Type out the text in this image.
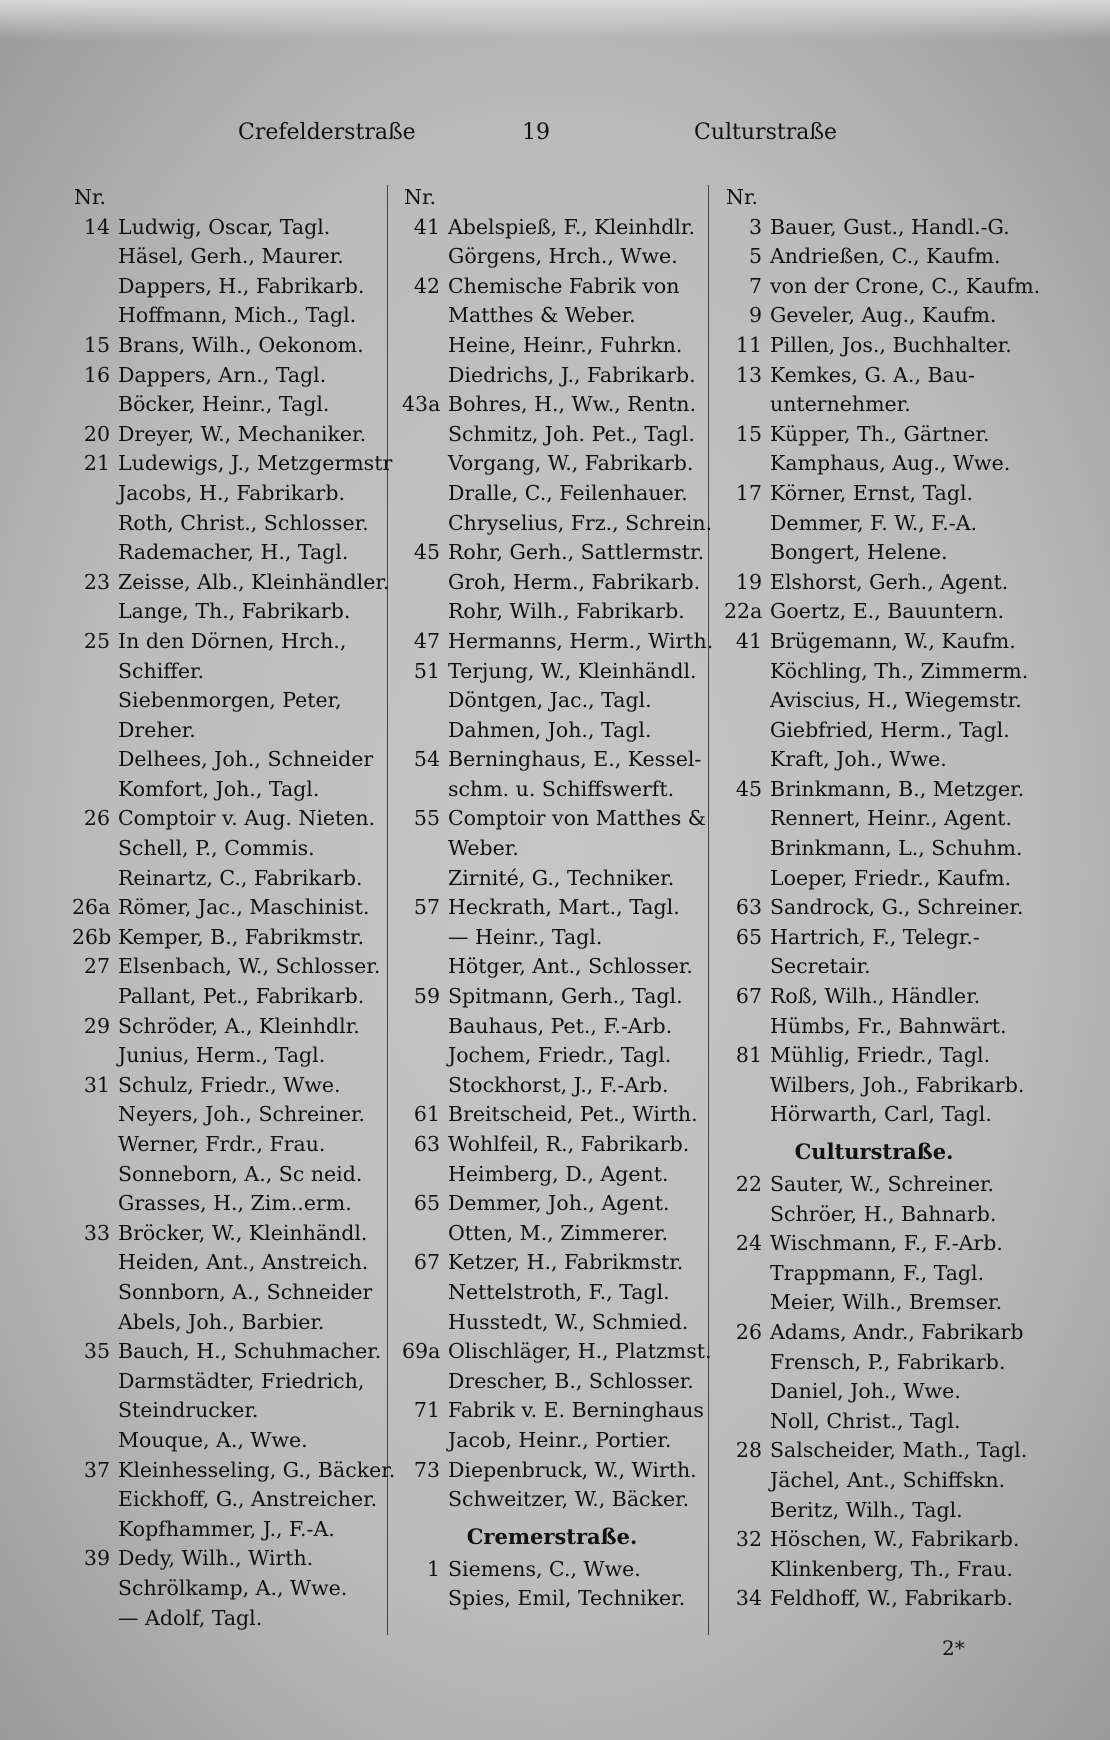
Crefelderstraße	19	Culturstraße
Nr.
14 Ludwig, Oscar, Tagl.
Häsel, Gerh., Maurer.
Dappers, H., Fabrikarb.
Hoffmann, Mich., Tagl.
15 Brans, Wilh., Oekonom.
16 Dappers, Arn., Tagl.
Böcker, Heinr., Tagl.
20 Dreyer, W., Mechaniker.
21 Ludewigs, J., Metzgermstr
Jacobs, H., Fabrikarb.
Roth, Christ., Schlosser.
Rademacher, H., Tagl.
23 Zeisse, Alb., Kleinhändler.
Lange, Th., Fabrikarb.
25 In den Dörnen, Hrch.,
Schiffer.
Siebenmorgen, Peter,
Dreher.
Delhees, Joh., Schneider
Komfort, Joh., Tagl.
26 Comptoir v. Aug. Nieten.
Schell, P., Commis.
Reinartz, C., Fabrikarb.
26a Römer, Jac., Maschinist.
26b Kemper, B., Fabrikmstr.
27 Elsenbach, W., Schlosser.
Pallant, Pet., Fabrikarb.
29 Schröder, A., Kleinhdlr.
Junius, Herm., Tagl.
31 Schulz, Friedr., Wwe.
Neyers, Joh., Schreiner.
Werner, Frdr., Frau.
Sonneborn, A., Sc neid.
Grasses, H., Zim..erm.
33 Bröcker, W., Kleinhändl.
Heiden, Ant., Anstreich.
Sonnborn, A., Schneider
Abels, Joh., Barbier.
35 Bauch, H., Schuhmacher.
Darmstädter, Friedrich,
Steindrucker.
Mouque, A., Wwe.
37 Kleinhesseling, G., Bäcker.
Eickhoff, G., Anstreicher.
Kopfhammer, J., F.-A.
39 Dedy, Wilh., Wirth.
Schrölkamp, A., Wwe.
— Adolf, Tagl.
Nr.
41 Abelspieß, F., Kleinhdlr.
Görgens, Hrch., Wwe.
42 Chemische Fabrik von
Matthes & Weber.
Heine, Heinr., Fuhrkn.
Diedrichs, J., Fabrikarb.
43a Bohres, H., Ww., Rentn.
Schmitz, Joh. Pet., Tagl.
Vorgang, W., Fabrikarb.
Dralle, C., Feilenhauer.
Chryselius, Frz., Schrein.
45 Rohr, Gerh., Sattlermstr.
Groh, Herm., Fabrikarb.
Rohr, Wilh., Fabrikarb.
47 Hermanns, Herm., Wirth.
51 Terjung, W., Kleinhändl.
Döntgen, Jac., Tagl.
Dahmen, Joh., Tagl.
54 Berninghaus, E., Kessel-
schm. u. Schiffswerft.
55 Comptoir von Matthes &
Weber.
Zirnité, G., Techniker.
57 Heckrath, Mart., Tagl.
— Heinr., Tagl.
Hötger, Ant., Schlosser.
59 Spitmann, Gerh., Tagl.
Bauhaus, Pet., F.-Arb.
Jochem, Friedr., Tagl.
Stockhorst, J., F.-Arb.
61 Breitscheid, Pet., Wirth.
63 Wohlfeil, R., Fabrikarb.
Heimberg, D., Agent.
65 Demmer, Joh., Agent.
Otten, M., Zimmerer.
67 Ketzer, H., Fabrikmstr.
Nettelstroth, F., Tagl.
Husstedt, W., Schmied.
69a Olischläger, H., Platzmst.
Drescher, B., Schlosser.
71 Fabrik v. E. Berninghaus
Jacob, Heinr., Portier.
73 Diepenbruck, W., Wirth.
Schweitzer, W., Bäcker.
Cremerstraße.
1 Siemens, C., Wwe.
Spies, Emil, Techniker.
Nr.
3 Bauer, Gust., Handl.-G.
5 Andrießen, C., Kaufm.
7 von der Crone, C., Kaufm.
9 Geveler, Aug., Kaufm.
11 Pillen, Jos., Buchhalter.
13 Kemkes, G. A., Bau-
unternehmer.
15 Küpper, Th., Gärtner.
Kamphaus, Aug., Wwe.
17 Körner, Ernst, Tagl.
Demmer, F. W., F.-A.
Bongert, Helene.
19 Elshorst, Gerh., Agent.
22a Goertz, E., Bauuntern.
41 Brügemann, W., Kaufm.
Köchling, Th., Zimmerm.
Aviscius, H., Wiegemstr.
Giebfried, Herm., Tagl.
Kraft, Joh., Wwe.
45 Brinkmann, B., Metzger.
Rennert, Heinr., Agent.
Brinkmann, L., Schuhm.
Loeper, Friedr., Kaufm.
63 Sandrock, G., Schreiner.
65 Hartrich, F., Telegr.-
Secretair.
67 Roß, Wilh., Händler.
Hümbs, Fr., Bahnwärt.
81 Mühlig, Friedr., Tagl.
Wilbers, Joh., Fabrikarb.
Hörwarth, Carl, Tagl.
Culturstraße.
22 Sauter, W., Schreiner.
Schröer, H., Bahnarb.
24 Wischmann, F., F.-Arb.
Trappmann, F., Tagl.
Meier, Wilh., Bremser.
26 Adams, Andr., Fabrikarb
Frensch, P., Fabrikarb.
Daniel, Joh., Wwe.
Noll, Christ., Tagl.
28 Salscheider, Math., Tagl.
Jächel, Ant., Schiffskn.
Beritz, Wilh., Tagl.
32 Höschen, W., Fabrikarb.
Klinkenberg, Th., Frau.
34 Feldhoff, W., Fabrikarb.
2*
